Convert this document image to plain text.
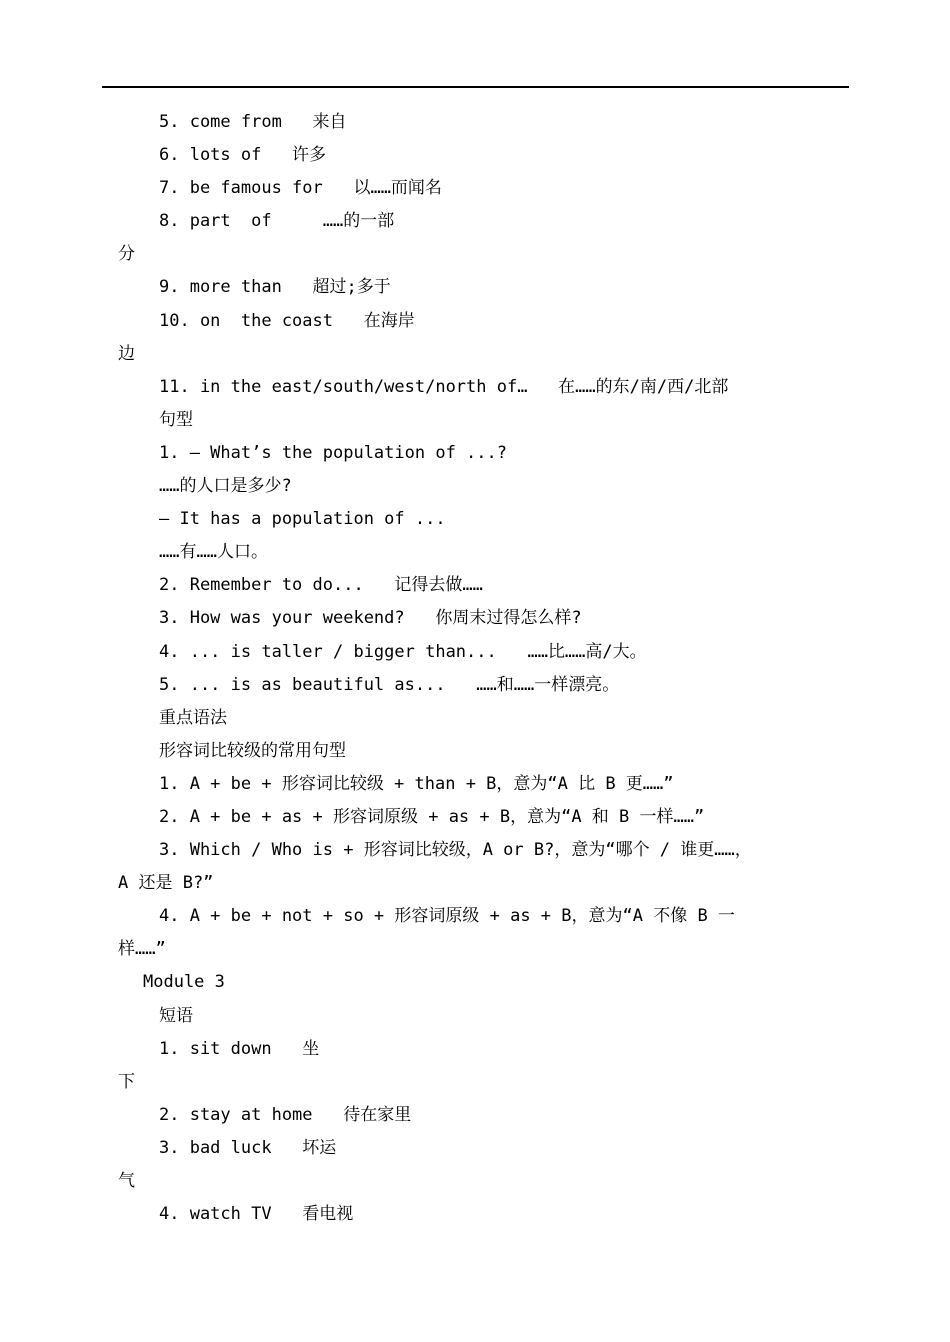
5. come from   来自
6. lots of   许多
7. be famous for   以……而闻名
8. part  of     ……的一部
分
9. more than   超过;多于
10. on  the coast   在海岸
边
11. in the east/south/west/north of…   在……的东/南/西/北部
句型
1. — What’s the population of ...?
……的人口是多少?
— It has a population of ...
……有……人口。
2. Remember to do...   记得去做……
3. How was your weekend?   你周末过得怎么样?
4. ... is taller / bigger than...   ……比……高/大。
5. ... is as beautiful as...   ……和……一样漂亮。
重点语法
形容词比较级的常用句型
1. A + be + 形容词比较级 + than + B，意为“A 比 B 更……”
2. A + be + as + 形容词原级 + as + B，意为“A 和 B 一样……”
3. Which / Who is + 形容词比较级，A or B?，意为“哪个 / 谁更……，
A 还是 B?”
4. A + be + not + so + 形容词原级 + as + B，意为“A 不像 B 一
样……”
Module 3
短语
1. sit down   坐
下
2. stay at home   待在家里
3. bad luck   坏运
气
4. watch TV   看电视
